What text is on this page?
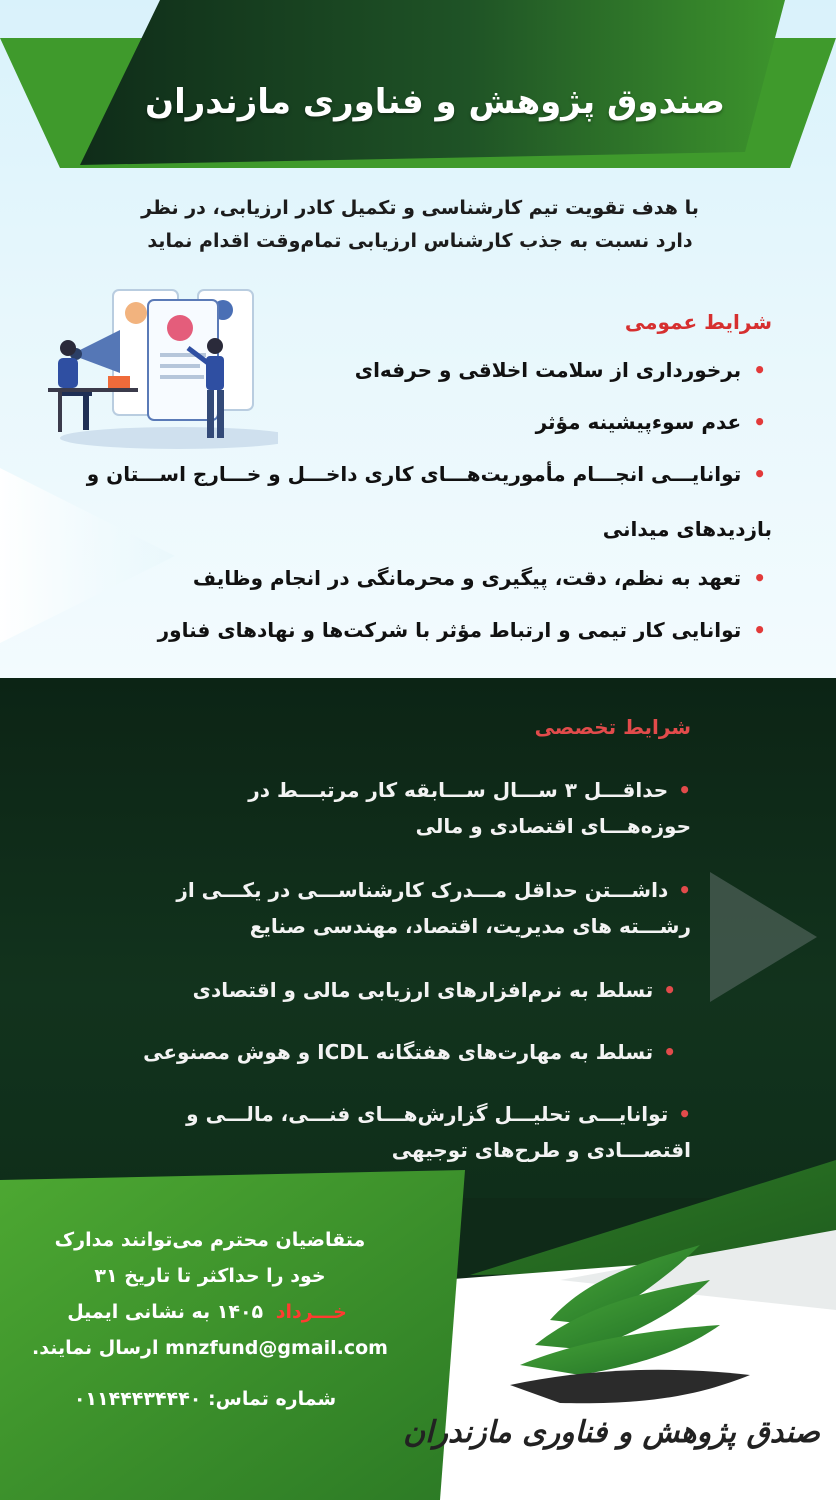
صندوق پژوهش و فناوری مازندران
با هدف تقویت تیم کارشناسی و تکمیل کادر ارزیابی، در نظر دارد نسبت به جذب کارشناس ارزیابی تمام‌وقت اقدام نماید
شرایط عمومی
•برخورداری از سلامت اخلاقی و حرفه‌ای
•عدم سوءپیشینه مؤثر
•توانایـــی انجـــام مأموریت‌هـــای کاری داخـــل و خـــارج اســـتان و
بازدیدهای میدانی
•تعهد به نظم، دقت، پیگیری و محرمانگی در انجام وظایف
•توانایی کار تیمی و ارتباط مؤثر با شرکت‌ها و نهادهای فناور
شرایط تخصصی
•حداقـــل ۳ ســـال ســـابقه کار مرتبـــط در حوزه‌هـــای اقتصادی و مالی
•داشـــتن حداقل مـــدرک کارشناســـی در یکـــی از رشـــته های مدیریت، اقتصاد، مهندسی صنایع
•تسلط به نرم‌افزارهای ارزیابی مالی و اقتصادی
•تسلط به مهارت‌های هفتگانه ICDL و هوش مصنوعی
•توانایـــی تحلیـــل گزارش‌هـــای فنـــی، مالـــی و اقتصـــادی و طرح‌های توجیهی
متقاضیان محترم می‌توانند مدارک
خود را حداکثر تا تاریخ ۳۱
خـــرداد ۱۴۰۵ به نشانی ایمیل
mnzfund@gmail.com ارسال نمایند.
شماره تماس: ۰۱۱۴۴۴۳۴۴۴۰
صندق پژوهش و فناوری مازندران
